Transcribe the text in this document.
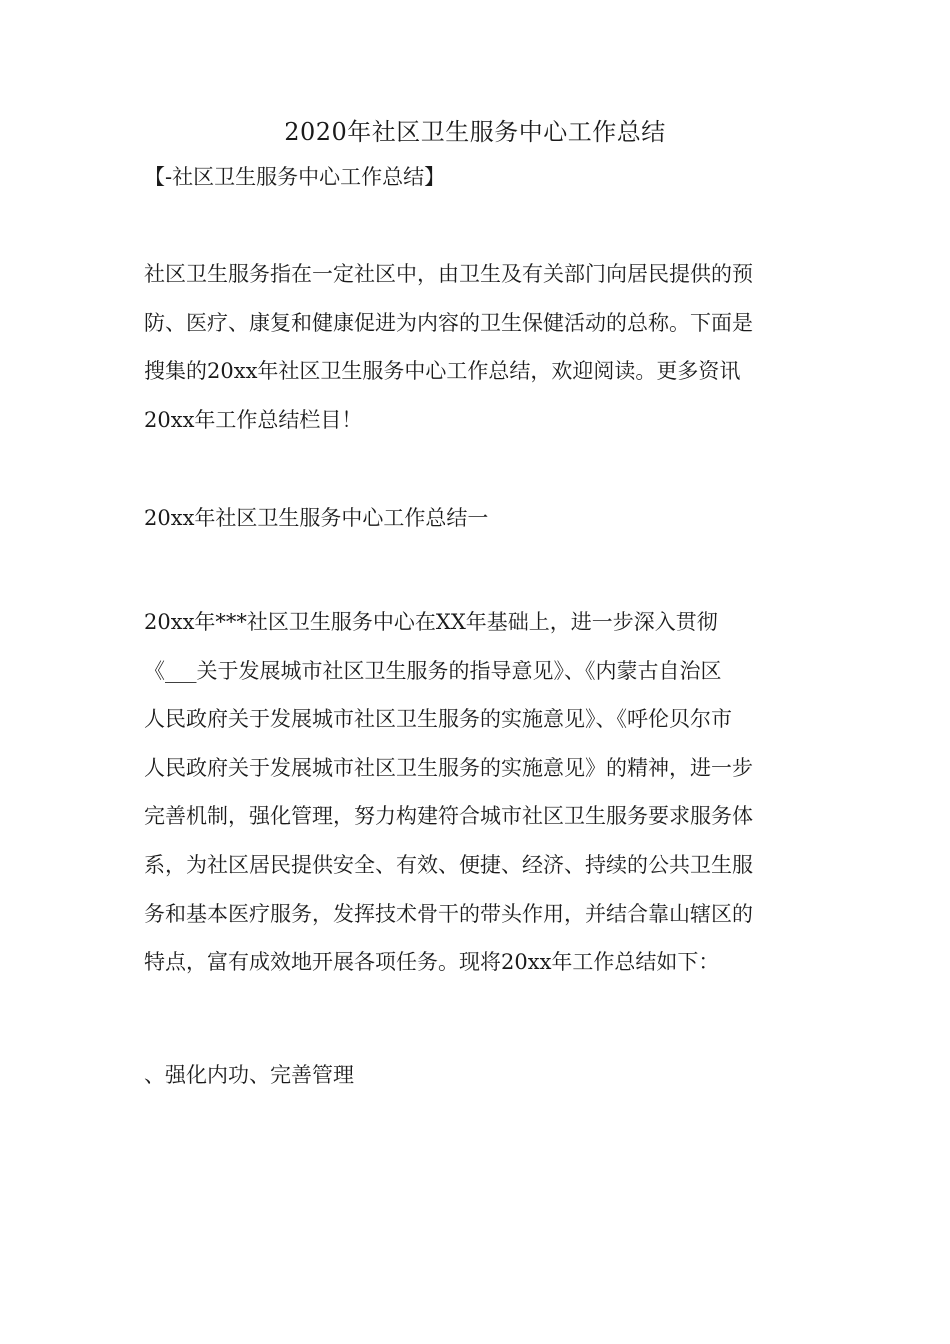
2020年社区卫生服务中心工作总结
【-社区卫生服务中心工作总结】

社区卫生服务指在一定社区中，由卫生及有关部门向居民提供的预
防、医疗、康复和健康促进为内容的卫生保健活动的总称。下面是
搜集的20xx年社区卫生服务中心工作总结，欢迎阅读。更多资讯
20xx年工作总结栏目！

20xx年社区卫生服务中心工作总结一

20xx年***社区卫生服务中心在XX年基础上，进一步深入贯彻
《___关于发展城市社区卫生服务的指导意见》、《内蒙古自治区
人民政府关于发展城市社区卫生服务的实施意见》、《呼伦贝尔市
人民政府关于发展城市社区卫生服务的实施意见》的精神，进一步
完善机制，强化管理，努力构建符合城市社区卫生服务要求服务体
系，为社区居民提供安全、有效、便捷、经济、持续的公共卫生服
务和基本医疗服务，发挥技术骨干的带头作用，并结合靠山辖区的
特点，富有成效地开展各项任务。现将20xx年工作总结如下：

、强化内功、完善管理
